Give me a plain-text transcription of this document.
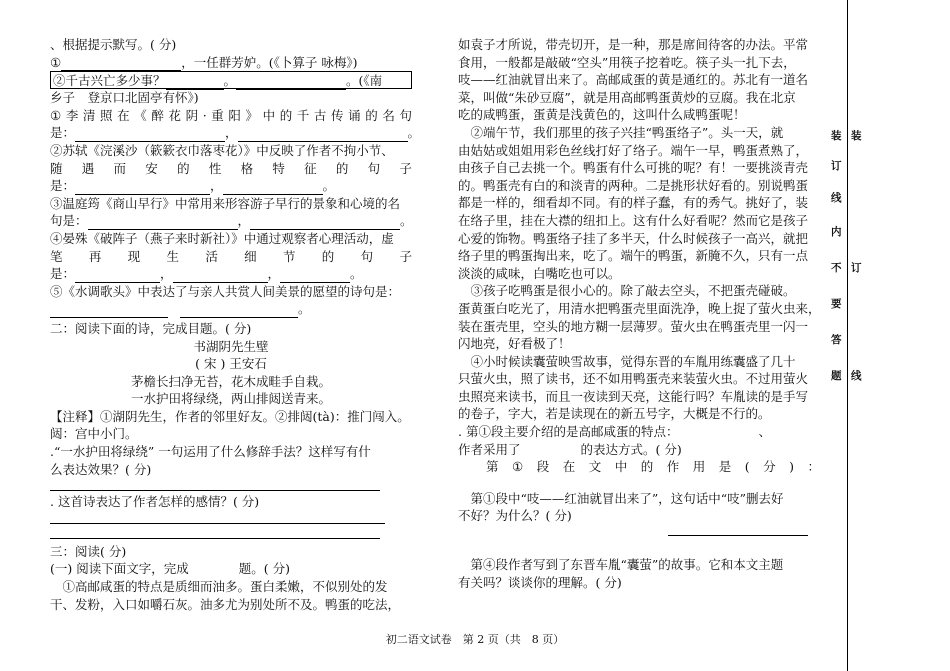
、根据提示默写。( 分)
①	，一任群芳妒。(《卜算子 咏梅》)
②千古兴亡多少事？	。	。(《南
乡子　登京口北固亭有怀》)
① 李 清 照 在 《 醉 花 阴 · 重 阳 》 中 的 千 古 传 诵 的 名 句
是：	，	。
②苏轼《浣溪沙（簌簌衣巾落枣花）》中反映了作者不拘小节、
随 遇 而 安 的 性 格 特 征 的 句 子
是：	，	。
③温庭筠《商山早行》中常用来形容游子早行的景象和心境的名
句是：	，	。
④晏殊《破阵子（燕子来时新社）》中通过观察者心理活动，虚
笔 再 现 生 活 细 节 的 句 子
是：	，	，	。
⑤《水调歌头》中表达了与亲人共赏人间美景的愿望的诗句是：
。
二：阅读下面的诗，完成目题。( 分)
书湖阴先生壁
( 宋 ) 王安石
茅檐长扫净无苔，花木成畦手自栽。
一水护田将绿绕，两山排闼送青来。
【注释】①湖阴先生，作者的邻里好友。②排闼(tà)：推门闯入。
闼：宫中小门。
.“一水护田将绿绕” 一句运用了什么修辞手法？这样写有什
么表达效果？( 分)
. 这首诗表达了作者怎样的感情？( 分)
三：阅读( 分)
(一) 阅读下面文字，完成　　　　题。( 分)
　①高邮咸蛋的特点是质细而油多。蛋白柔嫩，不似别处的发
干、发粉，入口如嚼石灰。油多尤为别处所不及。鸭蛋的吃法，
如袁子才所说，带壳切开，是一种，那是席间待客的办法。平常
食用，一般都是敲破“空头”用筷子挖着吃。筷子头一扎下去，
吱——红油就冒出来了。高邮咸蛋的黄是通红的。苏北有一道名
菜，叫做“朱砂豆腐”，就是用高邮鸭蛋黄炒的豆腐。我在北京
吃的咸鸭蛋，蛋黄是浅黄色的，这叫什么咸鸭蛋呢！
　②端午节，我们那里的孩子兴挂“鸭蛋络子”。头一天，就
由姑姑或姐姐用彩色丝线打好了络子。端午一早，鸭蛋煮熟了，
由孩子自己去挑一个。鸭蛋有什么可挑的呢？有！一要挑淡青壳
的。鸭蛋壳有白的和淡青的两种。二是挑形状好看的。别说鸭蛋
都是一样的，细看却不同。有的样子蠢，有的秀气。挑好了，装
在络子里，挂在大襟的纽扣上。这有什么好看呢？然而它是孩子
心爱的饰物。鸭蛋络子挂了多半天，什么时候孩子一高兴，就把
络子里的鸭蛋掏出来，吃了。端午的鸭蛋，新腌不久，只有一点
淡淡的咸味，白嘴吃也可以。
　③孩子吃鸭蛋是很小心的。除了敲去空头，不把蛋壳碰破。
蛋黄蛋白吃光了，用清水把鸭蛋壳里面洗净，晚上捉了萤火虫来，
装在蛋壳里，空头的地方糊一层薄罗。萤火虫在鸭蛋壳里一闪一
闪地亮，好看极了！
　④小时候读囊萤映雪故事，觉得东晋的车胤用练囊盛了几十
只萤火虫，照了读书，还不如用鸭蛋壳来装萤火虫。不过用萤火
虫照亮来读书，而且一夜读到天亮，这能行吗？车胤读的是手写
的卷子，字大，若是读现在的新五号字，大概是不行的。
. 第①段主要介绍的是高邮咸蛋的特点：	、
作者采用了	的表达方式。( 分)
第 ① 段 在 文 中 的 作 用 是 ( 分 ) ：
　第①段中“吱——红油就冒出来了”，这句话中“吱”删去好
不好？为什么？( 分)
　第④段作者写到了东晋车胤“囊萤”的故事。它和本文主题
有关吗？谈谈你的理解。( 分)
初二语文试卷　第 2 页（共　8 页）
装
订
线
内
不
要
答
题
装
订
线
